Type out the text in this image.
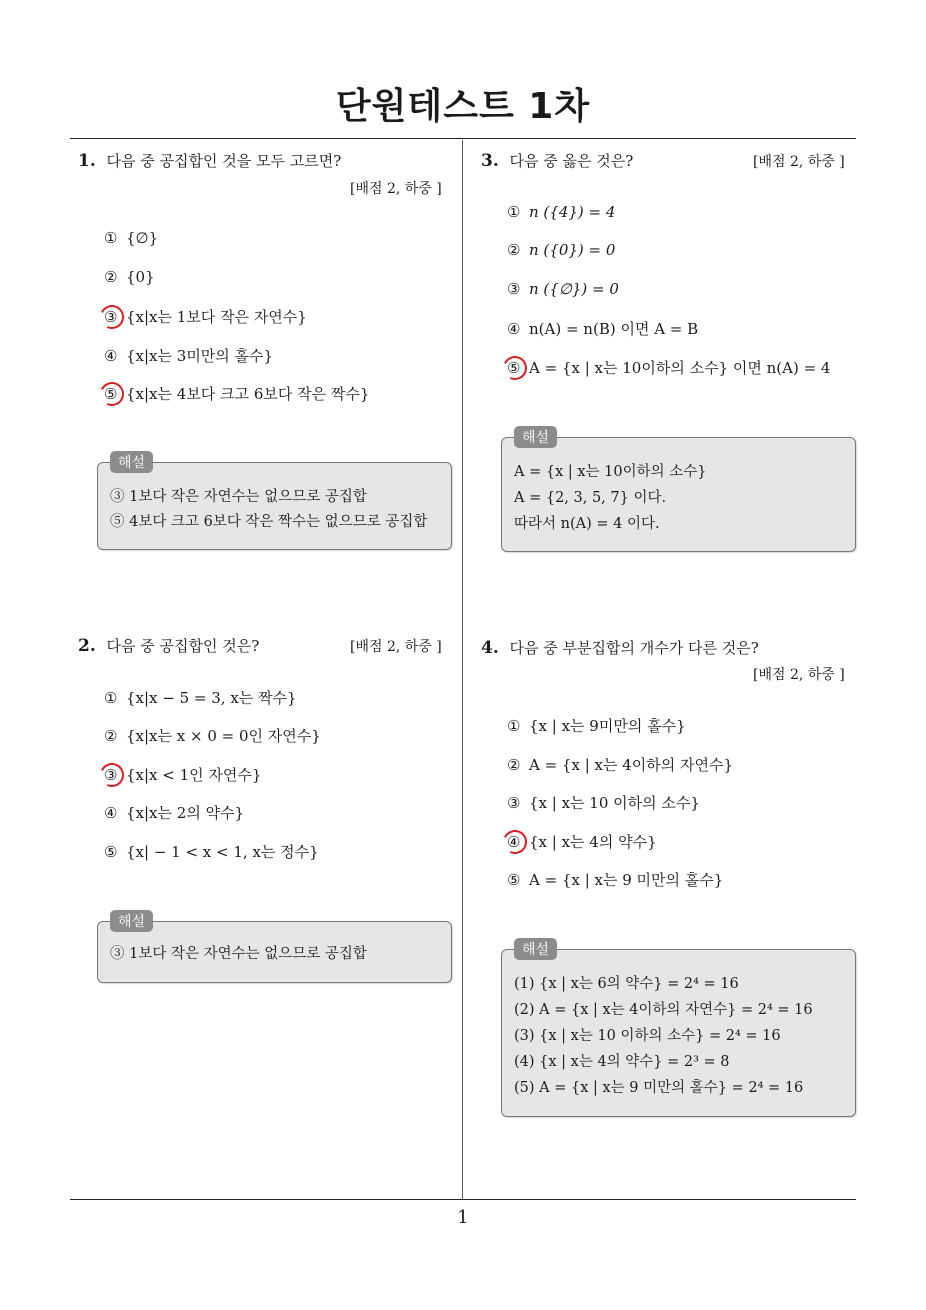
단원테스트 1차
1. 다음 중 공집합인 것을 모두 고르면?
[배점 2, 하중 ]
① {∅}
② {0}
③ {x|x는 1보다 작은 자연수}
④ {x|x는 3미만의 홀수}
⑤ {x|x는 4보다 크고 6보다 작은 짝수}
해설
③ 1보다 작은 자연수는 없으므로 공집합
⑤ 4보다 크고 6보다 작은 짝수는 없으므로 공집합
2. 다음 중 공집합인 것은?	[배점 2, 하중 ]
① {x|x − 5 = 3, x는 짝수}
② {x|x는 x × 0 = 0인 자연수}
③ {x|x < 1인 자연수}
④ {x|x는 2의 약수}
⑤ {x| − 1 < x < 1, x는 정수}
해설
③ 1보다 작은 자연수는 없으므로 공집합
3. 다음 중 옳은 것은?	[배점 2, 하중 ]
① n ({4}) = 4
② n ({0}) = 0
③ n ({∅}) = 0
④ n(A) = n(B) 이면 A = B
⑤ A = {x | x는 10이하의 소수} 이면 n(A) = 4
해설
A = {x | x는 10이하의 소수}
A = {2, 3, 5, 7} 이다.
따라서 n(A) = 4 이다.
4. 다음 중 부분집합의 개수가 다른 것은?
[배점 2, 하중 ]
① {x | x는 9미만의 홀수}
② A = {x | x는 4이하의 자연수}
③ {x | x는 10 이하의 소수}
④ {x | x는 4의 약수}
⑤ A = {x | x는 9 미만의 홀수}
해설
(1) {x | x는 6의 약수} = 2⁴ = 16
(2) A = {x | x는 4이하의 자연수} = 2⁴ = 16
(3) {x | x는 10 이하의 소수} = 2⁴ = 16
(4) {x | x는 4의 약수} = 2³ = 8
(5) A = {x | x는 9 미만의 홀수} = 2⁴ = 16
1
